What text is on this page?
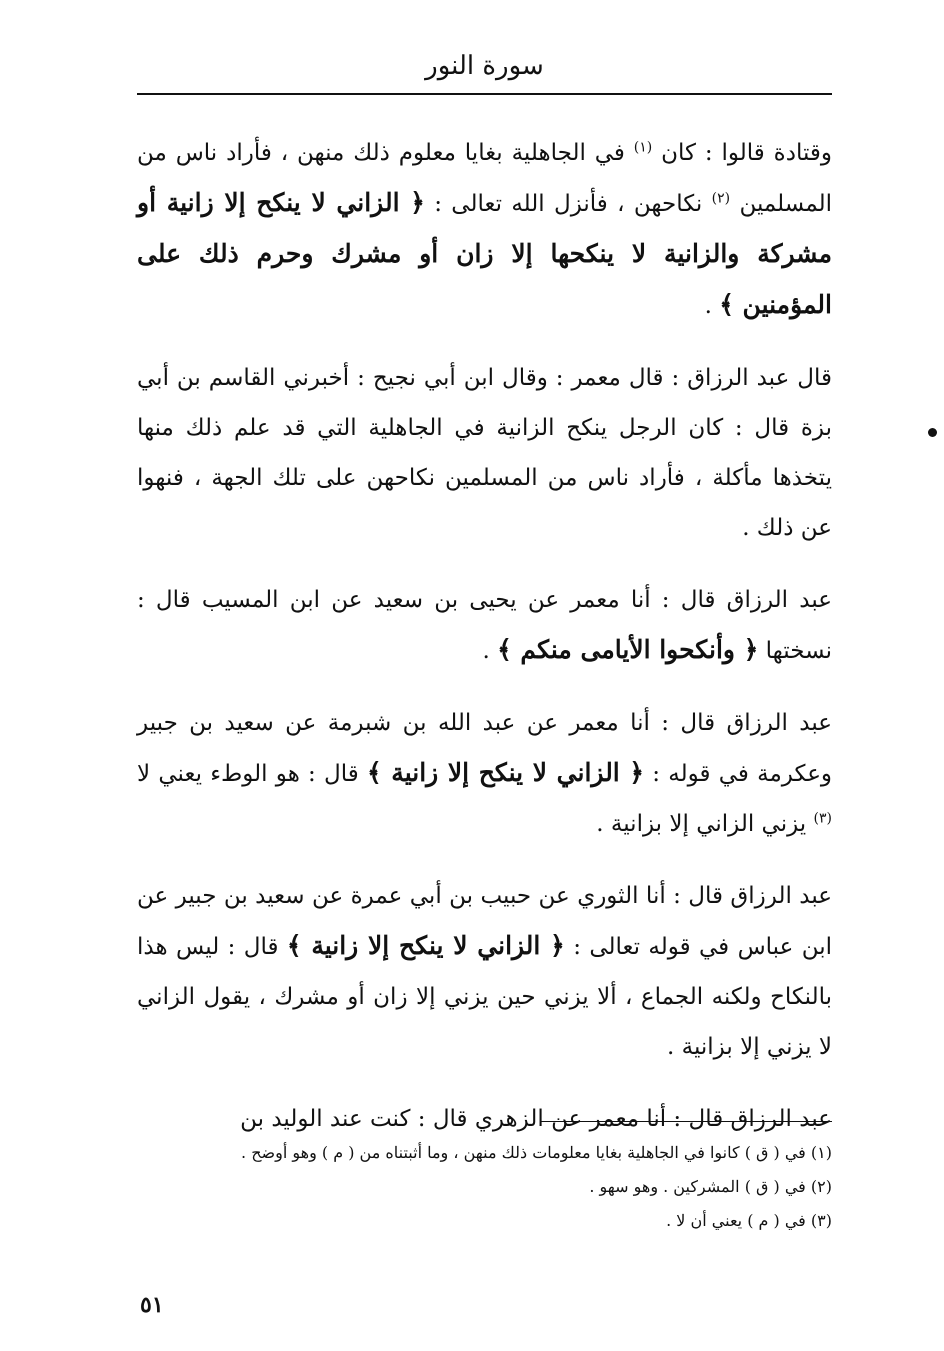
سورة النور

وقتادة قالوا : كان $^{(١)}$ في الجاهلية بغايا معلوم ذلك منهن ، فأراد ناس من المسلمين $^{(٢)}$ نكاحهن ، فأنزل الله تعالى : ﴿ الزاني لا ينكح إلا زانية أو مشركة والزانية لا ينكحها إلا زان أو مشرك وحرم ذلك على المؤمنين ﴾ .

قال عبد الرزاق : قال معمر : وقال ابن أبي نجيح : أخبرني القاسم بن أبي بزة قال : كان الرجل ينكح الزانية في الجاهلية التي قد علم ذلك منها يتخذها مأكلة ، فأراد ناس من المسلمين نكاحهن على تلك الجهة ، فنهوا عن ذلك .

عبد الرزاق قال : أنا معمر عن يحيى بن سعيد عن ابن المسيب قال : نسختها ﴿ وأنكحوا الأيامى منكم ﴾ .

عبد الرزاق قال : أنا معمر عن عبد الله بن شبرمة عن سعيد بن جبير وعكرمة في قوله : ﴿ الزاني لا ينكح إلا زانية ﴾ قال : هو الوطء يعني لا $^{(٣)}$ يزني الزاني إلا بزانية .

عبد الرزاق قال : أنا الثوري عن حبيب بن أبي عمرة عن سعيد بن جبير عن ابن عباس في قوله تعالى : ﴿ الزاني لا ينكح إلا زانية ﴾ قال : ليس هذا بالنكاح ولكنه الجماع ، ألا يزني حين يزني إلا زان أو مشرك ، يقول الزاني لا يزني إلا بزانية .

عبد الرزاق قال : أنا معمر عن الزهري قال : كنت عند الوليد بن

(١) في ( ق ) كانوا في الجاهلية بغايا معلومات ذلك منهن ، وما أثبتناه من ( م ) وهو أوضح .

(٢) في ( ق ) المشركين . وهو سهو .

(٣) في ( م ) يعني أن لا .

٥١
